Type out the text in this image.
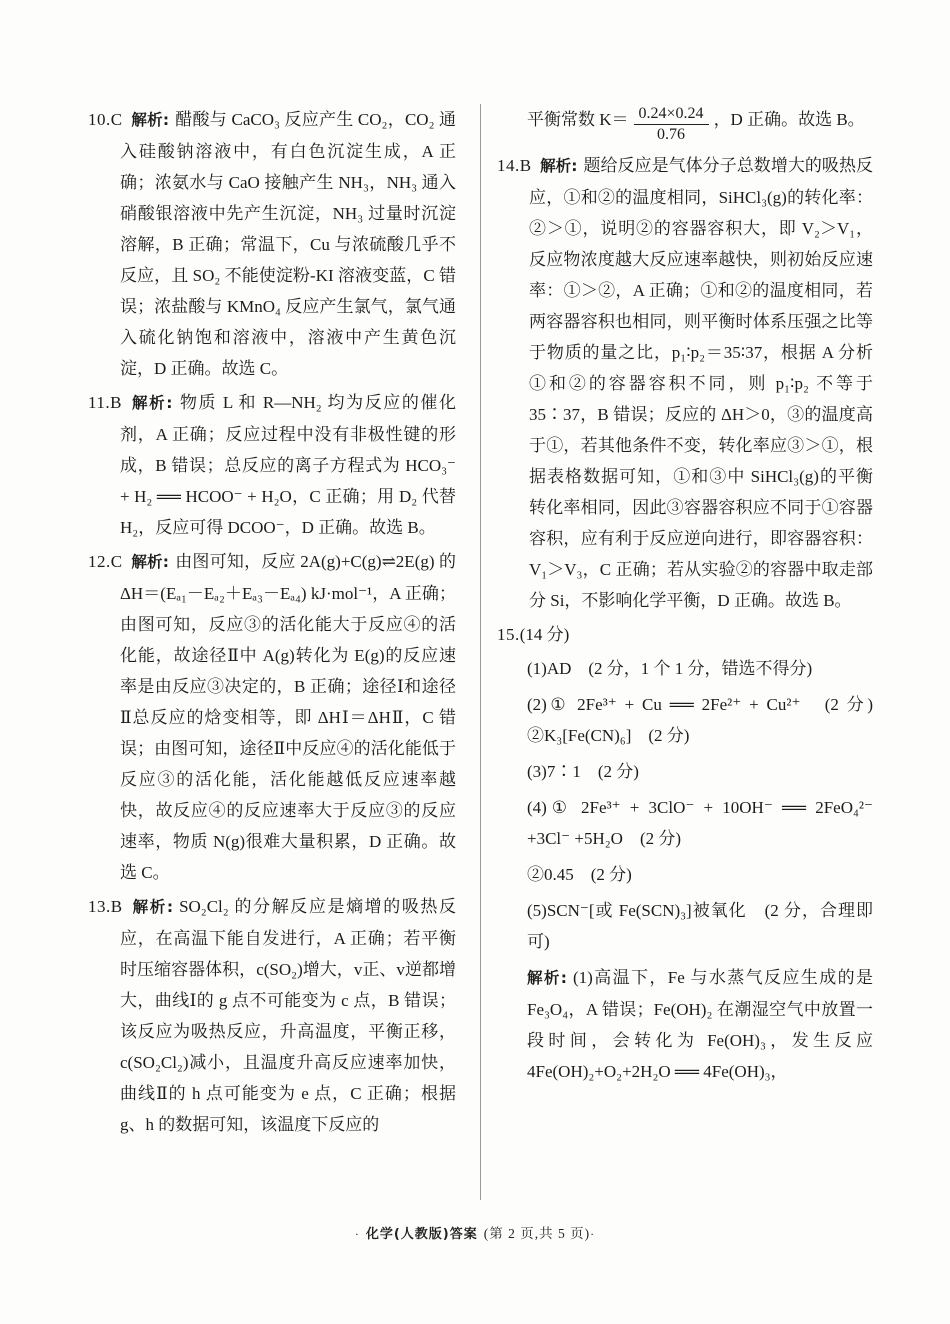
10.C 解析: 醋酸与 CaCO₃ 反应产生 CO₂，CO₂ 通入硅酸钠溶液中，有白色沉淀生成，A 正确；浓氨水与 CaO 接触产生 NH₃，NH₃ 通入硝酸银溶液中先产生沉淀，NH₃ 过量时沉淀溶解，B 正确；常温下，Cu 与浓硫酸几乎不反应，且 SO₂ 不能使淀粉-KI 溶液变蓝，C 错误；浓盐酸与 KMnO₄ 反应产生氯气，氯气通入硫化钠饱和溶液中，溶液中产生黄色沉淀，D 正确。故选 C。
11.B 解析: 物质 L 和 R—NH₂ 均为反应的催化剂，A 正确；反应过程中没有非极性键的形成，B 错误；总反应的离子方程式为 HCO₃⁻ + H₂ ══ HCOO⁻ + H₂O，C 正确；用 D₂ 代替 H₂，反应可得 DCOO⁻，D 正确。故选 B。
12.C 解析: 由图可知，反应 2A(g)+C(g)⇌2E(g) 的 ΔH＝(Eₐ₁－Eₐ₂＋Eₐ₃－Eₐ₄) kJ·mol⁻¹，A 正确；由图可知，反应③的活化能大于反应④的活化能，故途径Ⅱ中 A(g)转化为 E(g)的反应速率是由反应③决定的，B 正确；途径Ⅰ和途径Ⅱ总反应的焓变相等，即 ΔHⅠ＝ΔHⅡ，C 错误；由图可知，途径Ⅱ中反应④的活化能低于反应③的活化能，活化能越低反应速率越快，故反应④的反应速率大于反应③的反应速率，物质 N(g)很难大量积累，D 正确。故选 C。
13.B 解析: SO₂Cl₂ 的分解反应是熵增的吸热反应，在高温下能自发进行，A 正确；若平衡时压缩容器体积，c(SO₂)增大，v正、v逆都增大，曲线Ⅰ的 g 点不可能变为 c 点，B 错误；该反应为吸热反应，升高温度，平衡正移，c(SO₂Cl₂)减小，且温度升高反应速率加快，曲线Ⅱ的 h 点可能变为 e 点，C 正确；根据 g、h 的数据可知，该温度下反应的
平衡常数 $K= \frac{0.24\times 0.24}{0.76}$ ，D 正确。故选 B。
14.B 解析: 题给反应是气体分子总数增大的吸热反应，①和②的温度相同，SiHCl₃(g)的转化率：②＞①，说明②的容器容积大，即 V₂＞V₁，反应物浓度越大反应速率越快，则初始反应速率：①＞②，A 正确；①和②的温度相同，若两容器容积也相同，则平衡时体系压强之比等于物质的量之比，p₁∶p₂＝35∶37，根据 A 分析①和②的容器容积不同，则 p₁∶p₂ 不等于 35∶37，B 错误；反应的 ΔH＞0，③的温度高于①，若其他条件不变，转化率应③＞①，根据表格数据可知，①和③中 SiHCl₃(g)的平衡转化率相同，因此③容器容积应不同于①容器容积，应有利于反应逆向进行，即容器容积：V₁＞V₃，C 正确；若从实验②的容器中取走部分 Si，不影响化学平衡，D 正确。故选 B。
15.(14 分)
(1)AD　(2 分，1 个 1 分，错选不得分)
(2)① 2Fe³⁺ + Cu ══ 2Fe²⁺ + Cu²⁺　(2 分)　②K₃[Fe(CN)₆]　(2 分)
(3)7∶1　(2 分)
(4)① 2Fe³⁺ + 3ClO⁻ + 10OH⁻ ══ 2FeO₄²⁻ +3Cl⁻ +5H₂O　(2 分)
②0.45　(2 分)
(5)SCN⁻[或 Fe(SCN)₃]被氧化　(2 分，合理即可)
解析: (1)高温下，Fe 与水蒸气反应生成的是 Fe₃O₄，A 错误；Fe(OH)₂ 在潮湿空气中放置一段时间，会转化为 Fe(OH)₃，发生反应 4Fe(OH)₂+O₂+2H₂O ══ 4Fe(OH)₃，
· 化学(人教版)答案 (第 2 页,共 5 页)·
